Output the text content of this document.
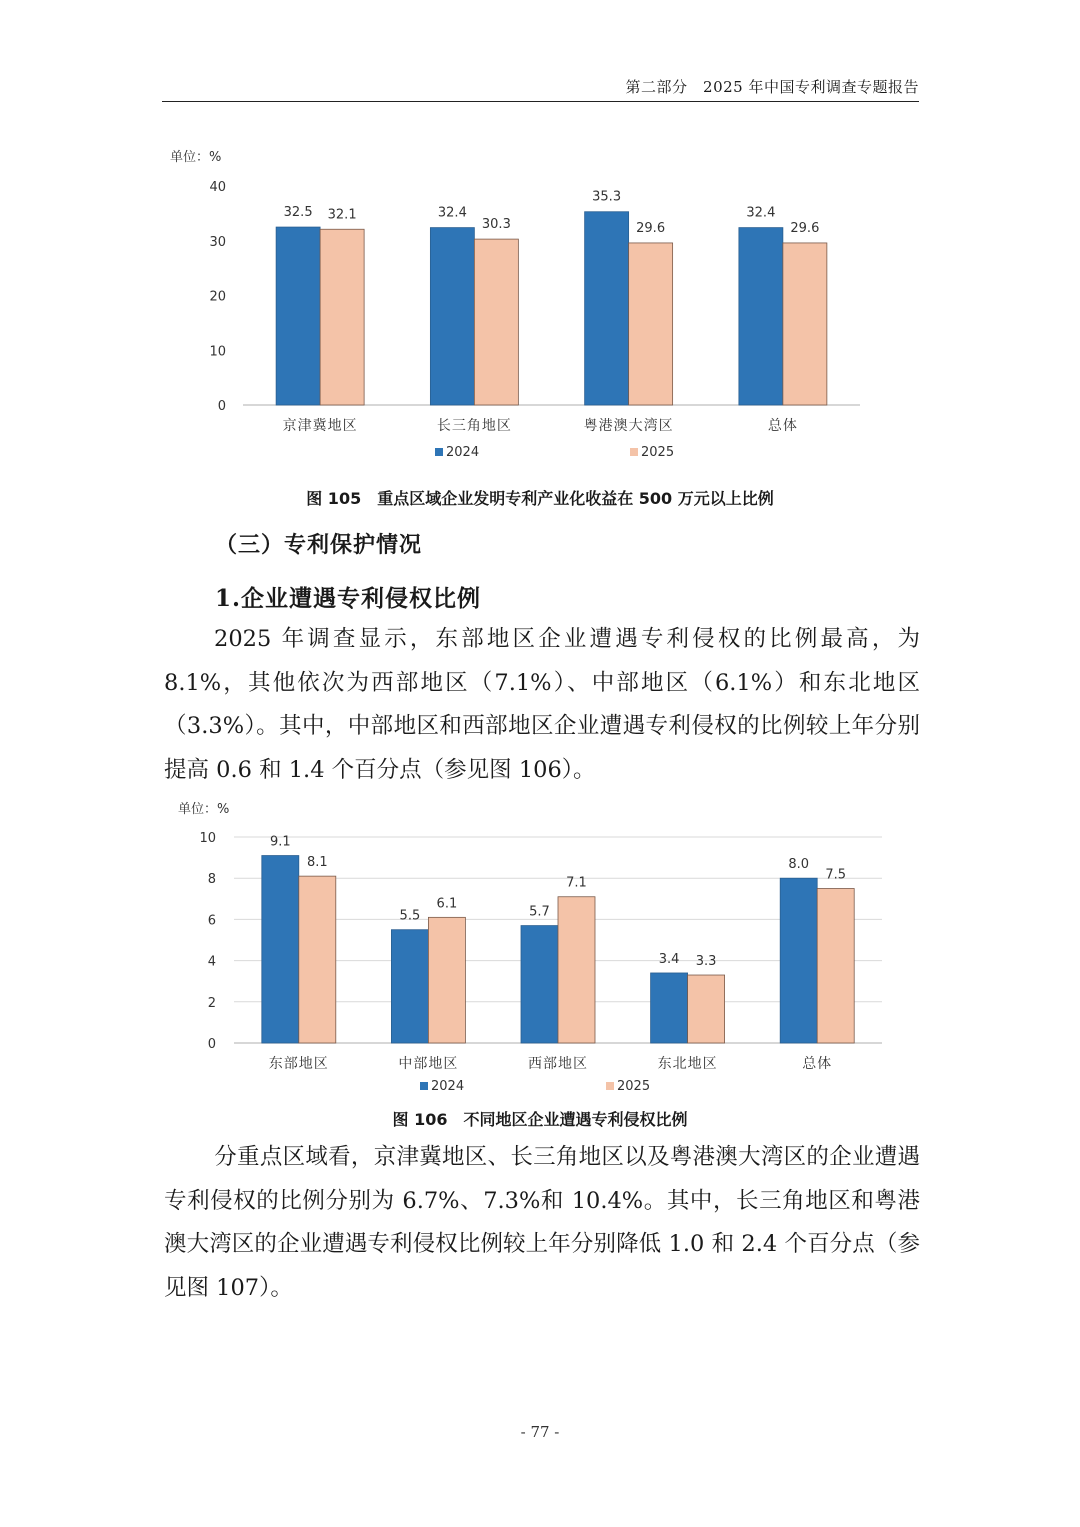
第二部分　2025 年中国专利调查专题报告
单位：%
0
10
20
30
40
32.5 32.1
京津冀地区
32.4
30.3
长三角地区
35.3
29.6
粤港澳大湾区
32.4
29.6
总体
2024	2025
图 105　重点区域企业发明专利产业化收益在 500 万元以上比例
（三）专利保护情况
1.企业遭遇专利侵权比例

2025 年调查显示，东部地区企业遭遇专利侵权的比例最高，为 8.1%，其他依次为西部地区（7.1%）、中部地区（6.1%）和东北地区（3.3%）。其中，中部地区和西部地区企业遭遇专利侵权的比例较上年分别提高 0.6 和 1.4 个百分点（参见图 106）。

单位：%
0
2
4
6
8
10	9.1
8.1
东部地区
5.5
6.1
中部地区
5.7
7.1
西部地区
3.4 3.3
东北地区
8.0
7.5
总体
2024	2025
图 106　不同地区企业遭遇专利侵权比例

分重点区域看，京津冀地区、长三角地区以及粤港澳大湾区的企业遭遇专利侵权的比例分别为 6.7%、7.3%和 10.4%。其中，长三角地区和粤港澳大湾区的企业遭遇专利侵权比例较上年分别降低 1.0 和 2.4 个百分点（参见图 107）。

- 77 -
